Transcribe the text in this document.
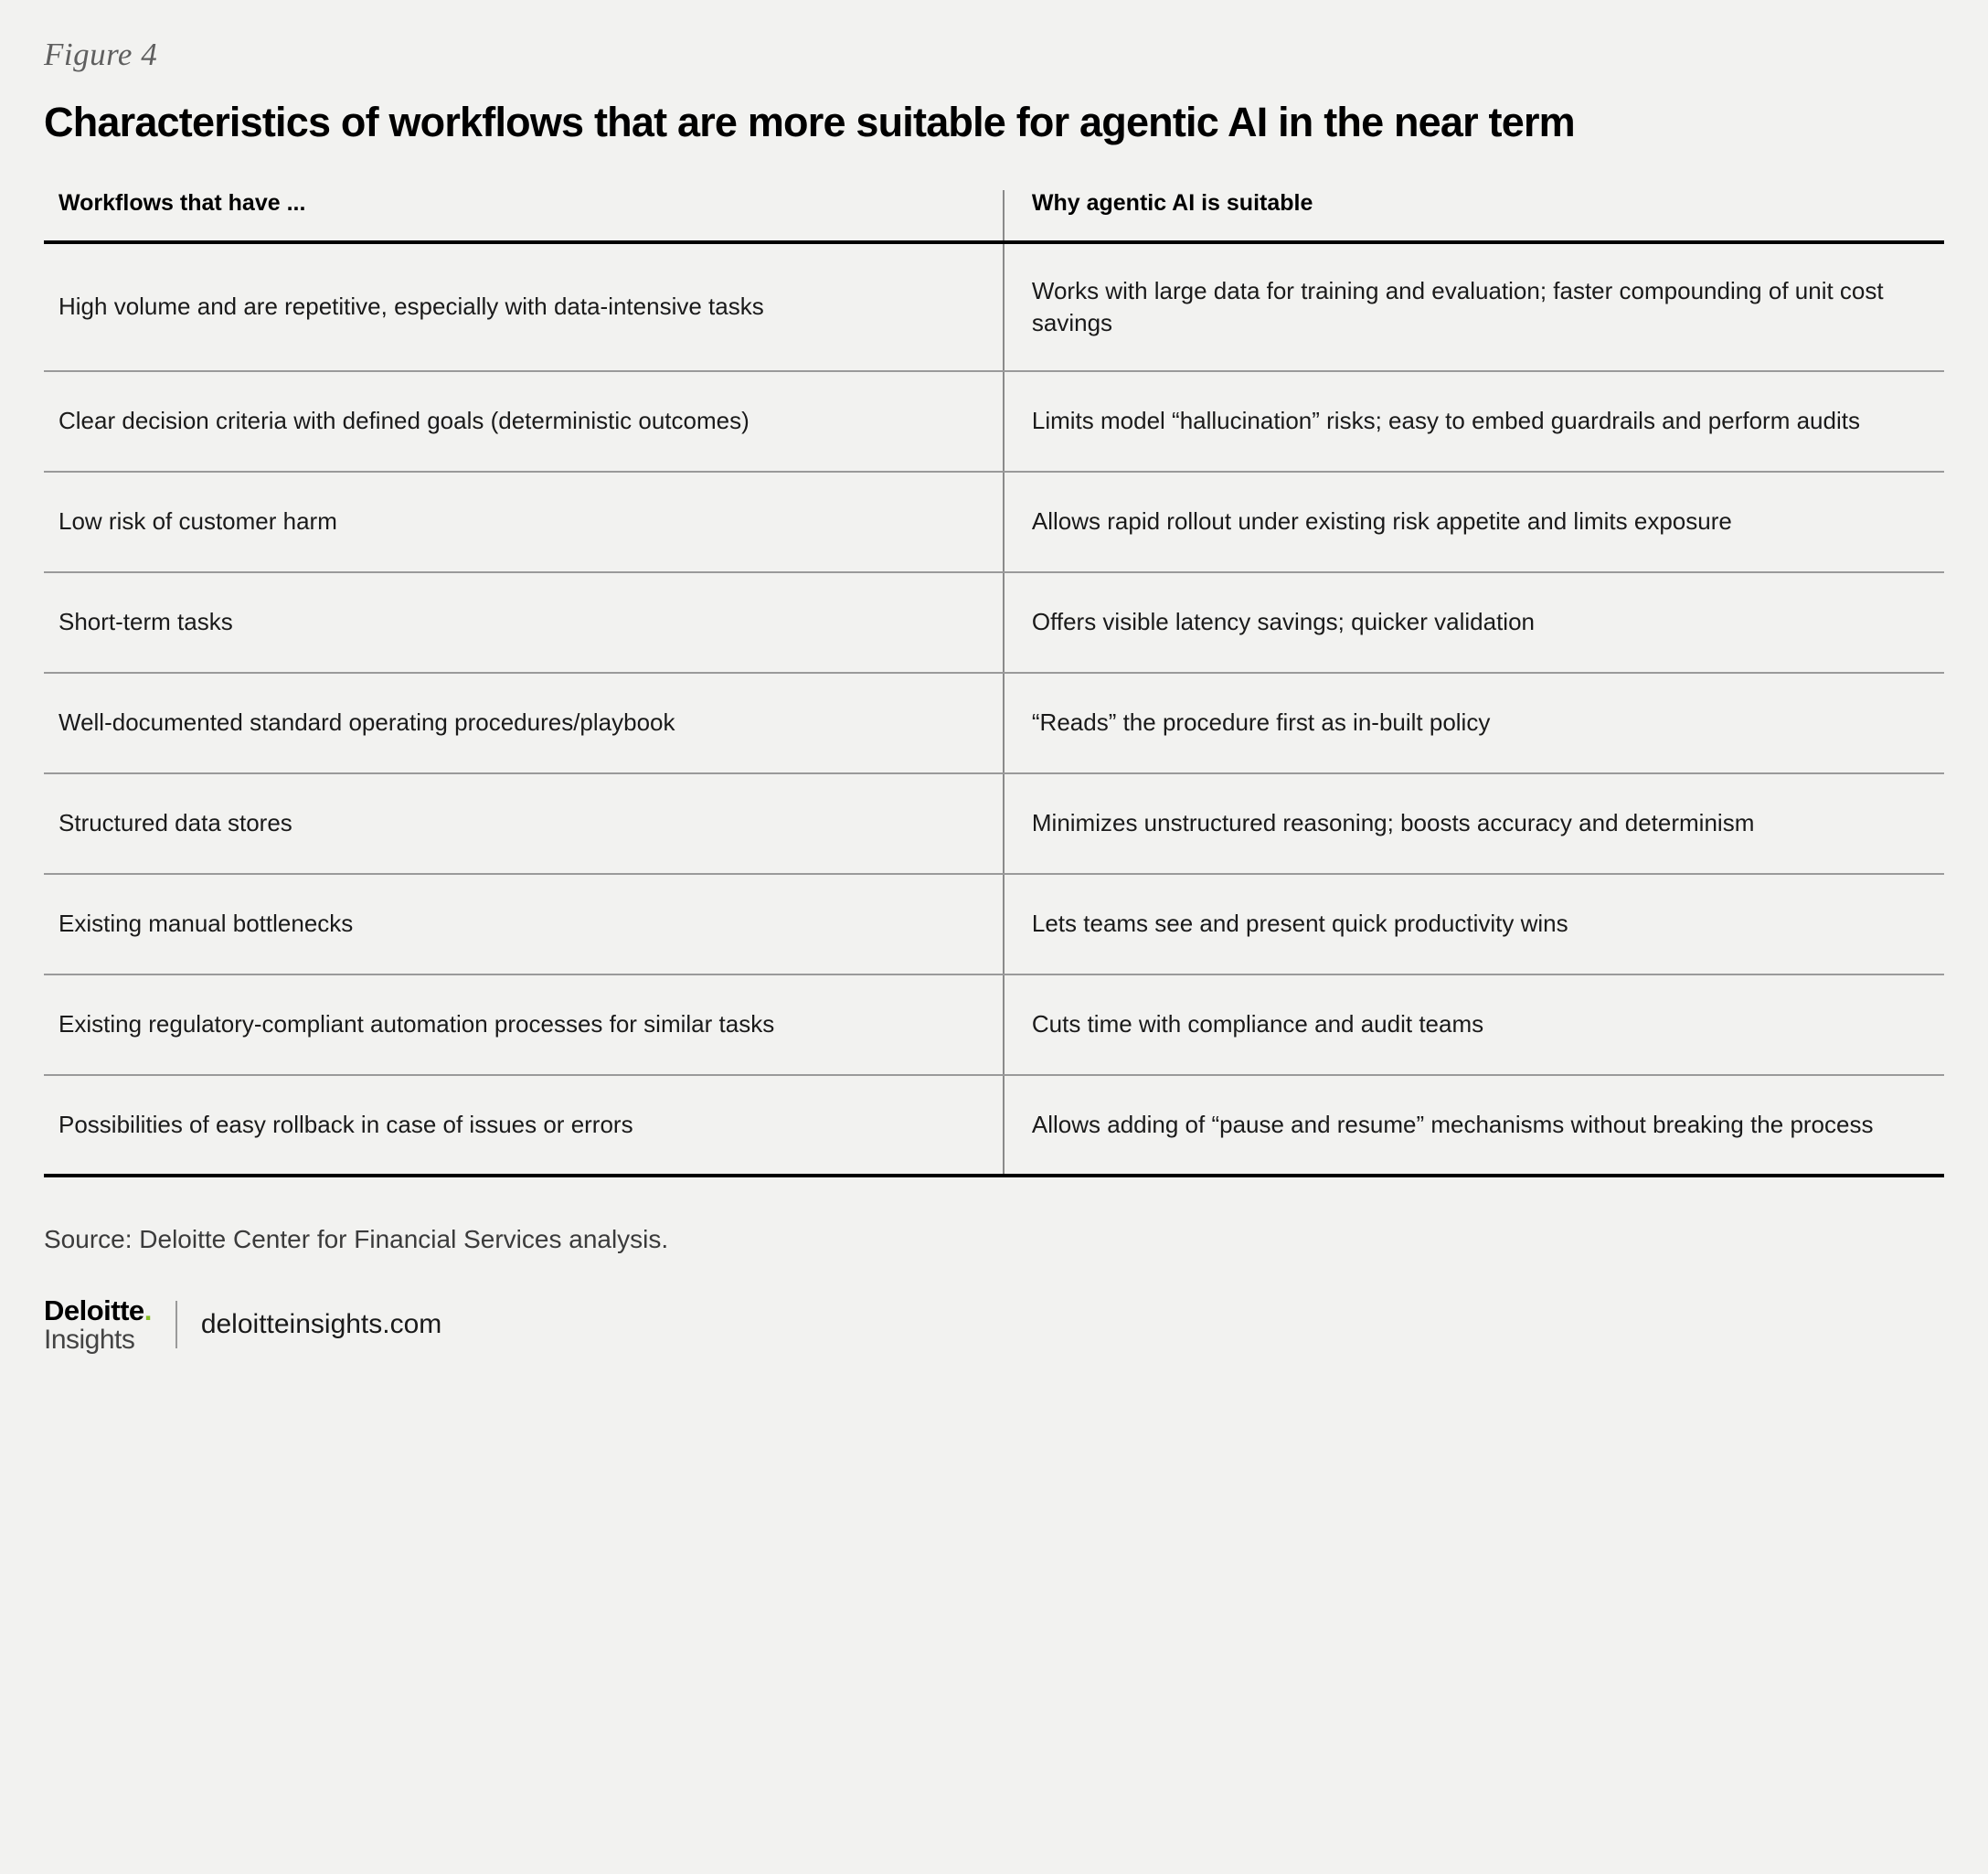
Figure 4
Characteristics of workflows that are more suitable for agentic AI in the near term
Workflows that have ...	Why agentic AI is suitable
High volume and are repetitive, especially with data-intensive tasks	Works with large data for training and evaluation; faster compounding of unit cost savings
Clear decision criteria with defined goals (deterministic outcomes)	Limits model “hallucination” risks; easy to embed guardrails and perform audits
Low risk of customer harm	Allows rapid rollout under existing risk appetite and limits exposure
Short-term tasks	Offers visible latency savings; quicker validation
Well-documented standard operating procedures/playbook	“Reads” the procedure first as in-built policy
Structured data stores	Minimizes unstructured reasoning; boosts accuracy and determinism
Existing manual bottlenecks	Lets teams see and present quick productivity wins
Existing regulatory-compliant automation processes for similar tasks	Cuts time with compliance and audit teams
Possibilities of easy rollback in case of issues or errors	Allows adding of “pause and resume” mechanisms without breaking the process
Source: Deloitte Center for Financial Services analysis.
Deloitte.
Insights	deloitteinsights.com
